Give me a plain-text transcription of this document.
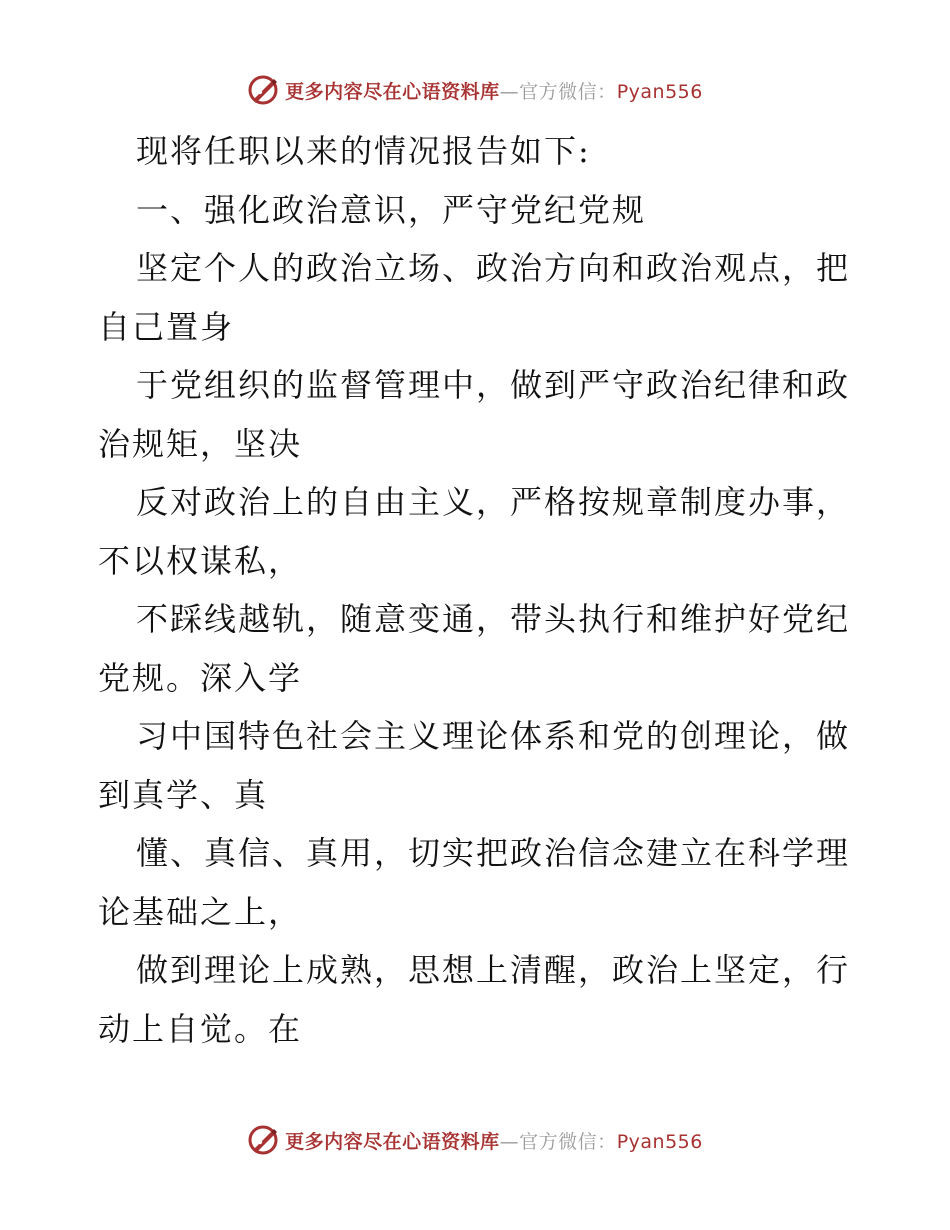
更多内容尽在心语资料库—官方微信：Pyan556

现将任职以来的情况报告如下:

一、强化政治意识，严守党纪党规

坚定个人的政治立场、政治方向和政治观点，把自己置身

于党组织的监督管理中，做到严守政治纪律和政治规矩，坚决

反对政治上的自由主义，严格按规章制度办事，不以权谋私，

不踩线越轨，随意变通，带头执行和维护好党纪党规。深入学

习中国特色社会主义理论体系和党的创理论，做到真学、真

懂、真信、真用，切实把政治信念建立在科学理论基础之上，

做到理论上成熟，思想上清醒，政治上坚定，行动上自觉。在

更多内容尽在心语资料库—官方微信：Pyan556
